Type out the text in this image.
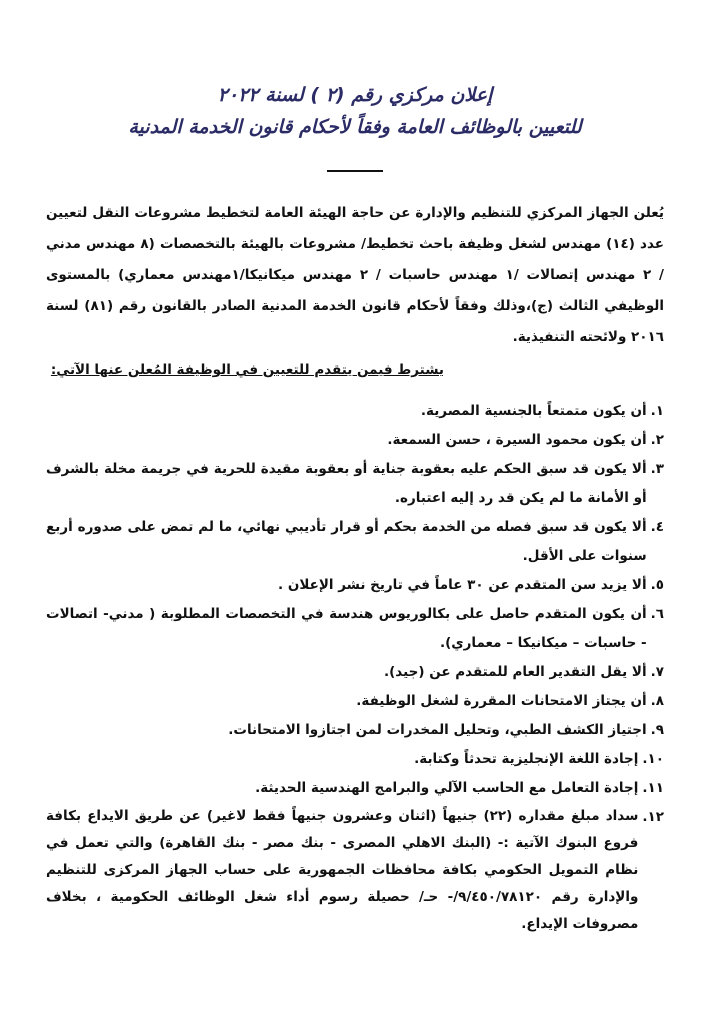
إعلان مركزي رقم (٢ ) لسنة ٢٠٢٢
للتعيين بالوظائف العامة وفقاً لأحكام قانون الخدمة المدنية

يُعلن الجهاز المركزي للتنظيم والإدارة عن حاجة الهيئة العامة لتخطيط مشروعات النقل لتعيين عدد (١٤) مهندس لشغل وظيفة باحث تخطيط/ مشروعات بالهيئة بالتخصصات (٨ مهندس مدني / ٢ مهندس إتصالات /١ مهندس حاسبات / ٢ مهندس ميكانيكا/١مهندس معماري) بالمستوى الوظيفي الثالث (ج)،وذلك وفقاً لأحكام قانون الخدمة المدنية الصادر بالقانون رقم (٨١) لسنة ٢٠١٦ ولائحته التنفيذية.

يشترط فيمن يتقدم للتعيين في الوظيفة المُعلن عنها الآتي:

١.
أن يكون متمتعاً بالجنسية المصرية.
٢.
أن يكون محمود السيرة ، حسن السمعة.
٣.
ألا يكون قد سبق الحكم عليه بعقوبة جناية أو بعقوبة مقيدة للحرية في جريمة مخلة بالشرف أو الأمانة ما لم يكن قد رد إليه اعتباره.
٤.
ألا يكون قد سبق فصله من الخدمة بحكم أو قرار تأديبي نهائي، ما لم تمض على صدوره أربع سنوات على الأقل.
٥.
ألا يزيد سن المتقدم عن ٣٠ عاماً في تاريخ نشر الإعلان .
٦.
أن يكون المتقدم حاصل على بكالوريوس هندسة في التخصصات المطلوبة ( مدني- اتصالات - حاسبات – ميكانيكا – معماري).
٧.
ألا يقل التقدير العام للمتقدم عن (جيد).
٨.
أن يجتاز الامتحانات المقررة لشغل الوظيفة.
٩.
اجتياز الكشف الطبي، وتحليل المخدرات لمن اجتازوا الامتحانات.
١٠.
إجادة اللغة الإنجليزية تحدثاً وكتابة.
١١.
إجادة التعامل مع الحاسب الآلي والبرامج الهندسية الحديثة.
١٢.
سداد مبلغ مقداره (٢٢) جنيهاً (اثنان وعشرون جنيهاً فقط لاغير) عن طريق الايداع بكافة فروع البنوك الآتية :- (البنك الاهلي المصرى - بنك مصر - بنك القاهرة) والتي تعمل في نظام التمويل الحكومي بكافة محافظات الجمهورية على حساب الجهاز المركزى للتنظيم والإدارة رقم ٩/٤٥٠/٧٨١٢٠/- حـ/ حصيلة رسوم أداء شغل الوظائف الحكومية ، بخلاف مصروفات الإيداع.
